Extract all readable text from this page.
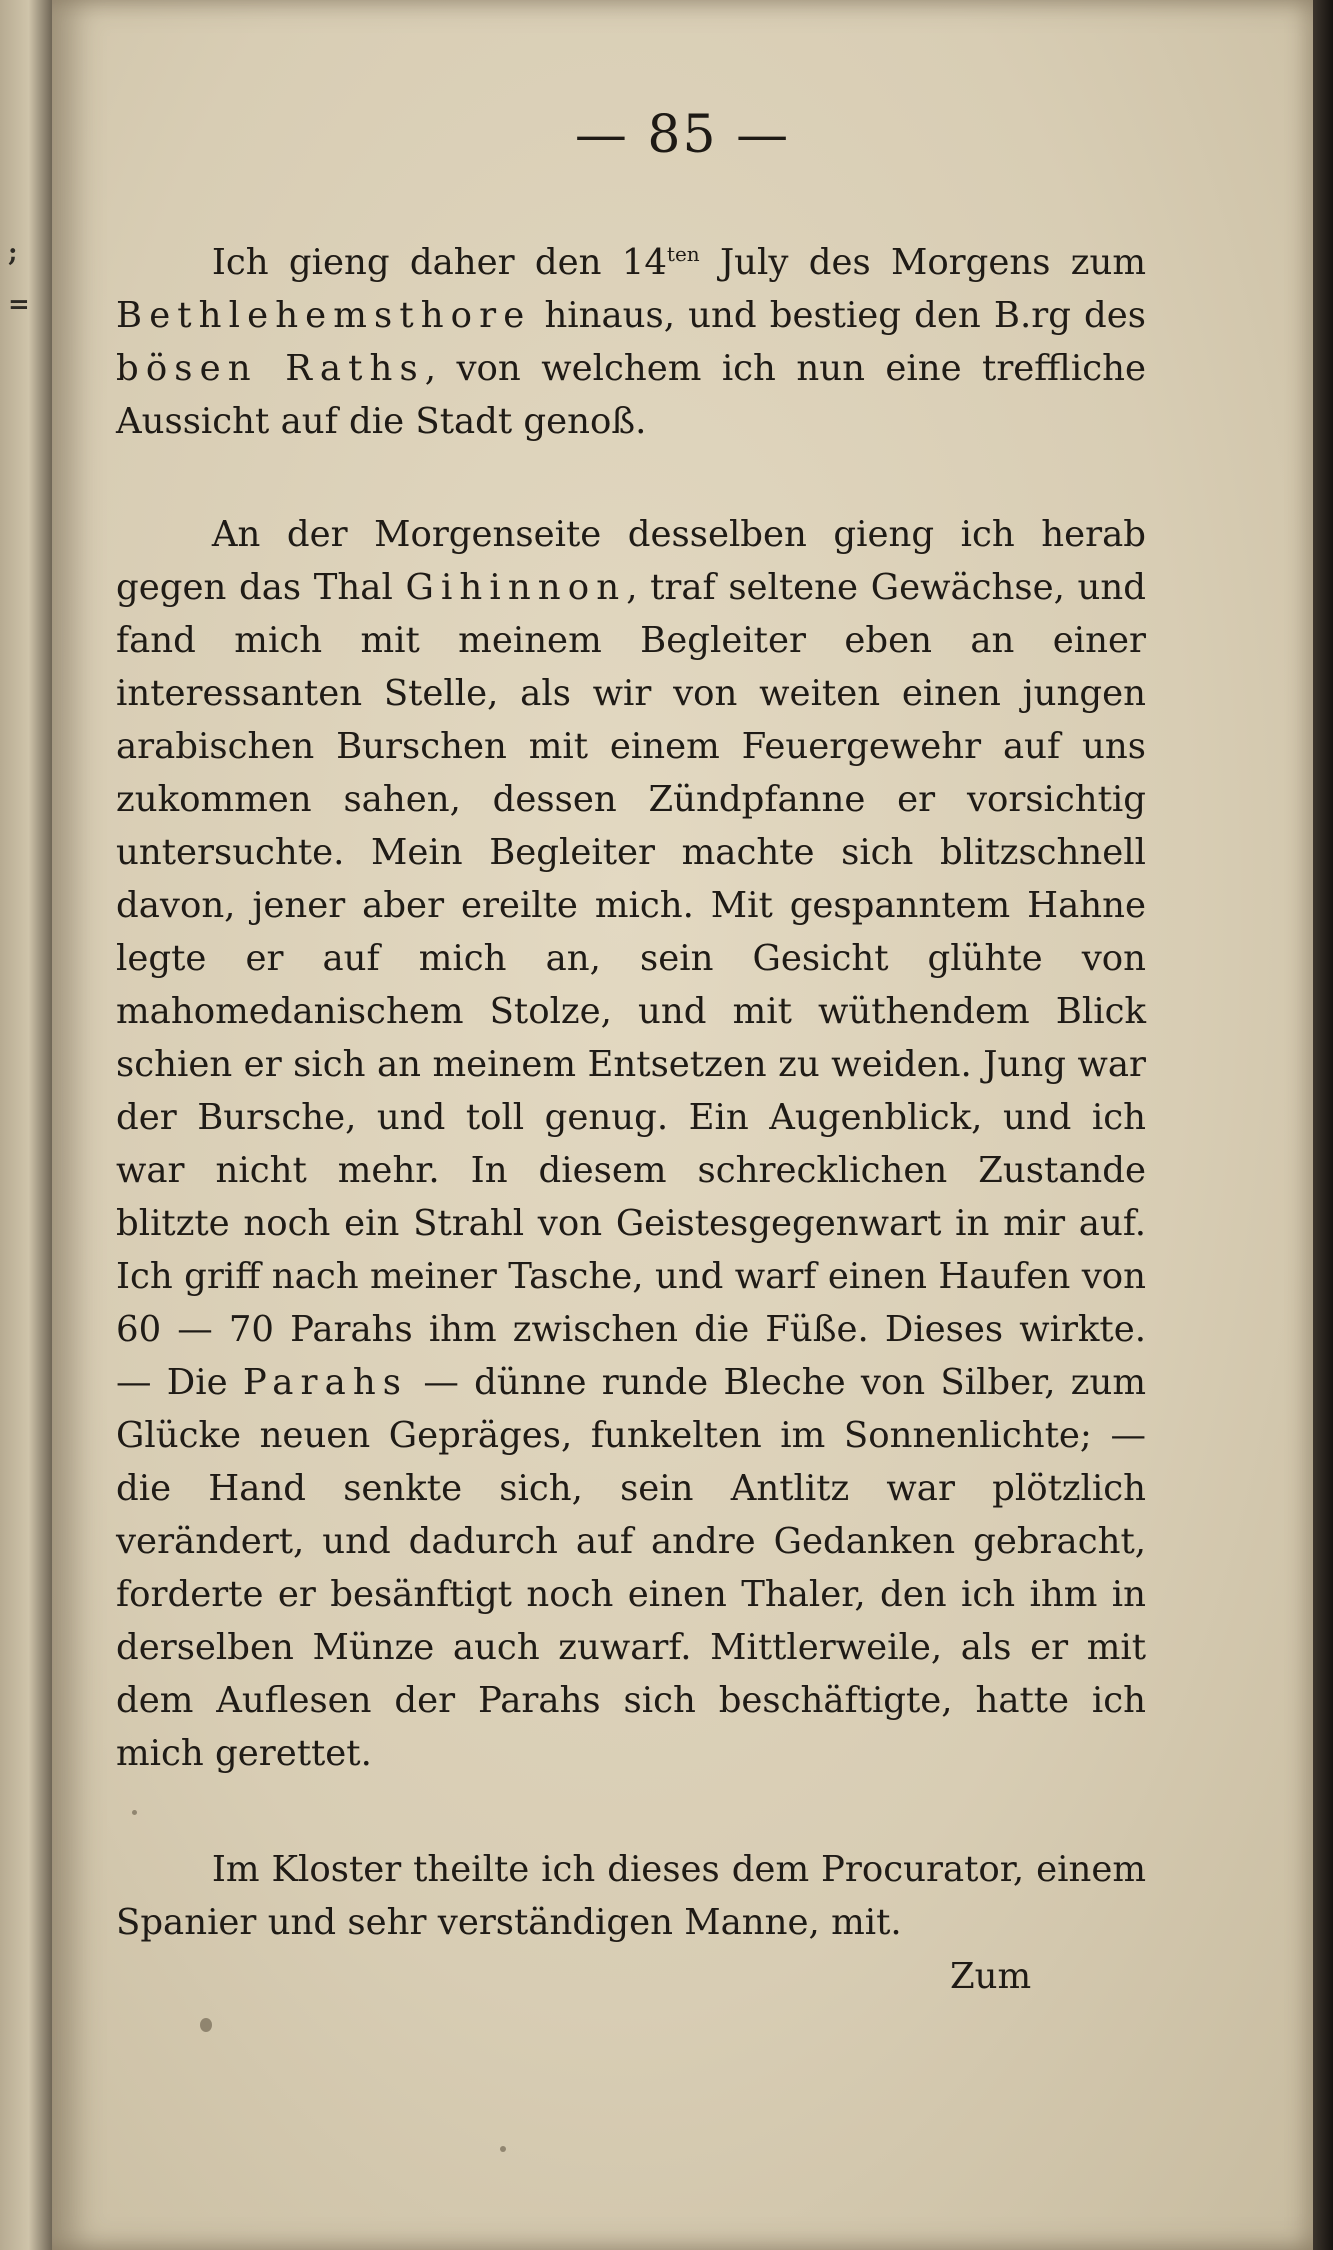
;
=
— 85 —

Ich gieng daher den $14^{ten}$ July des Morgens zum Bethlehemsthore hinaus, und bestieg den B.rg des bösen Raths, von welchem ich nun eine treffliche Aussicht auf die Stadt genoß.

An der Morgenseite desselben gieng ich herab gegen das Thal Gihinnon, traf seltene Gewächse, und fand mich mit meinem Begleiter eben an einer interessanten Stelle, als wir von weiten einen jungen arabischen Burschen mit einem Feuergewehr auf uns zukommen sahen, dessen Zündpfanne er vorsichtig untersuchte. Mein Begleiter machte sich blitzschnell davon, jener aber ereilte mich. Mit gespanntem Hahne legte er auf mich an, sein Gesicht glühte von mahomedanischem Stolze, und mit wüthendem Blick schien er sich an meinem Entsetzen zu weiden. Jung war der Bursche, und toll genug. Ein Augenblick, und ich war nicht mehr. In diesem schrecklichen Zustande blitzte noch ein Strahl von Geistesgegenwart in mir auf. Ich griff nach meiner Tasche, und warf einen Haufen von 60 — 70 Parahs ihm zwischen die Füße. Dieses wirkte. — Die Parahs — dünne runde Bleche von Silber, zum Glücke neuen Gepräges, funkelten im Sonnenlichte; — die Hand senkte sich, sein Antlitz war plötzlich verändert, und dadurch auf andre Gedanken gebracht, forderte er besänftigt noch einen Thaler, den ich ihm in derselben Münze auch zuwarf. Mittlerweile, als er mit dem Auflesen der Parahs sich beschäftigte, hatte ich mich gerettet.

Im Kloster theilte ich dieses dem Procurator, einem Spanier und sehr verständigen Manne, mit.

Zum
